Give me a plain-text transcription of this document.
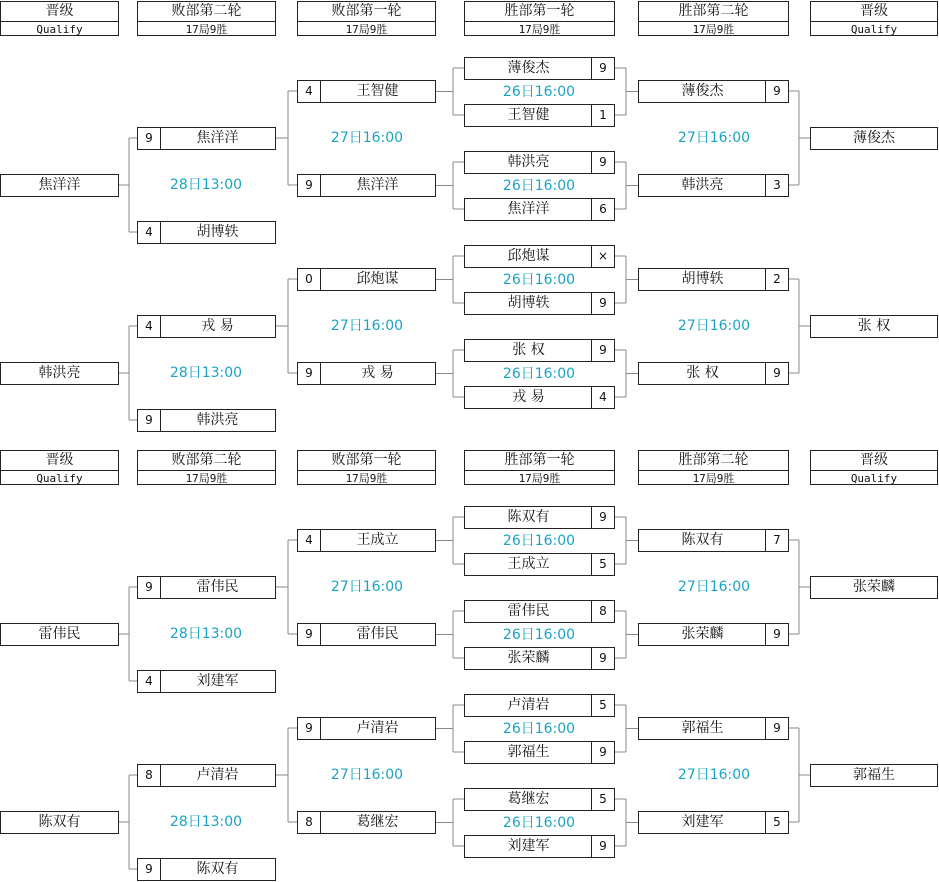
晋级
Qualify
败部第二轮
17局9胜
败部第一轮
17局9胜
胜部第一轮
17局9胜
胜部第二轮
17局9胜
晋级
Qualify
薄俊杰	9
王智健	1
26日16:00
韩洪亮	9
焦洋洋	6
26日16:00
邱炮谋	×
胡博轶	9
26日16:00
张 权	9
戎 易	4
26日16:00
薄俊杰	9
韩洪亮	3
27日16:00	薄俊杰
胡博轶	2
张 权	9
27日16:00	张 权
王智健
4
焦洋洋
9
27日16:00
邱炮谋
0
戎 易
9
27日16:00
焦洋洋
9
胡博轶
4
28日13:00
焦洋洋
戎 易
4
韩洪亮
9
28日13:00
韩洪亮
晋级
Qualify
败部第二轮
17局9胜
败部第一轮
17局9胜
胜部第一轮
17局9胜
胜部第二轮
17局9胜
晋级
Qualify
陈双有	9
王成立	5
26日16:00
雷伟民	8
张荣麟	9
26日16:00
卢清岩	5
郭福生	9
26日16:00
葛继宏	5
刘建军	9
26日16:00
陈双有	7
张荣麟	9
27日16:00	张荣麟
郭福生	9
刘建军	5
27日16:00	郭福生
王成立
4
雷伟民
9
27日16:00
卢清岩
9
葛继宏
8
27日16:00
雷伟民
9
刘建军
4
28日13:00
雷伟民
卢清岩
8
陈双有
9
28日13:00
陈双有
